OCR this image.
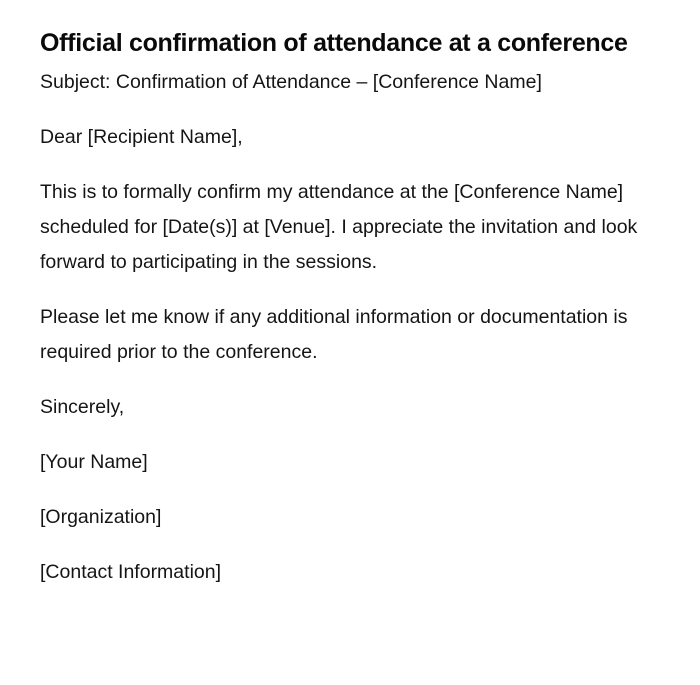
Official confirmation of attendance at a conference

Subject: Confirmation of Attendance – [Conference Name]

Dear [Recipient Name],

This is to formally confirm my attendance at the [Conference Name] scheduled for [Date(s)] at [Venue]. I appreciate the invitation and look forward to participating in the sessions.

Please let me know if any additional information or documentation is required prior to the conference.

Sincerely,

[Your Name]

[Organization]

[Contact Information]
